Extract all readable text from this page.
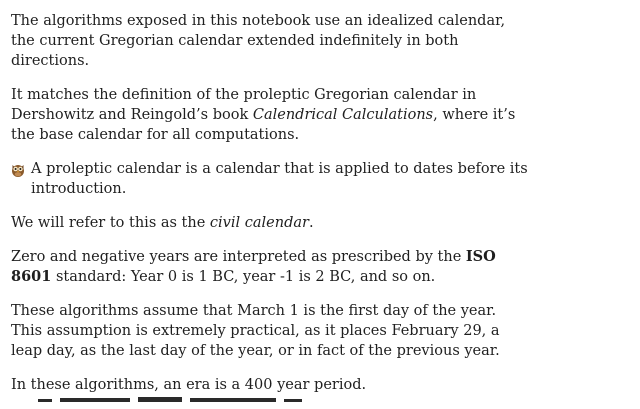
The algorithms exposed in this notebook use an idealized calendar, the current Gregorian calendar extended indefinitely in both directions.

It matches the definition of the proleptic Gregorian calendar in Dershowitz and Reingold’s book Calendrical Calculations, where it’s the base calendar for all computations.

A proleptic calendar is a calendar that is applied to dates before its introduction.

We will refer to this as the civil calendar.

Zero and negative years are interpreted as prescribed by the ISO 8601 standard: Year 0 is 1 BC, year -1 is 2 BC, and so on.

These algorithms assume that March 1 is the first day of the year. This assumption is extremely practical, as it places February 29, a leap day, as the last day of the year, or in fact of the previous year.

In these algorithms, an era is a 400 year period.
